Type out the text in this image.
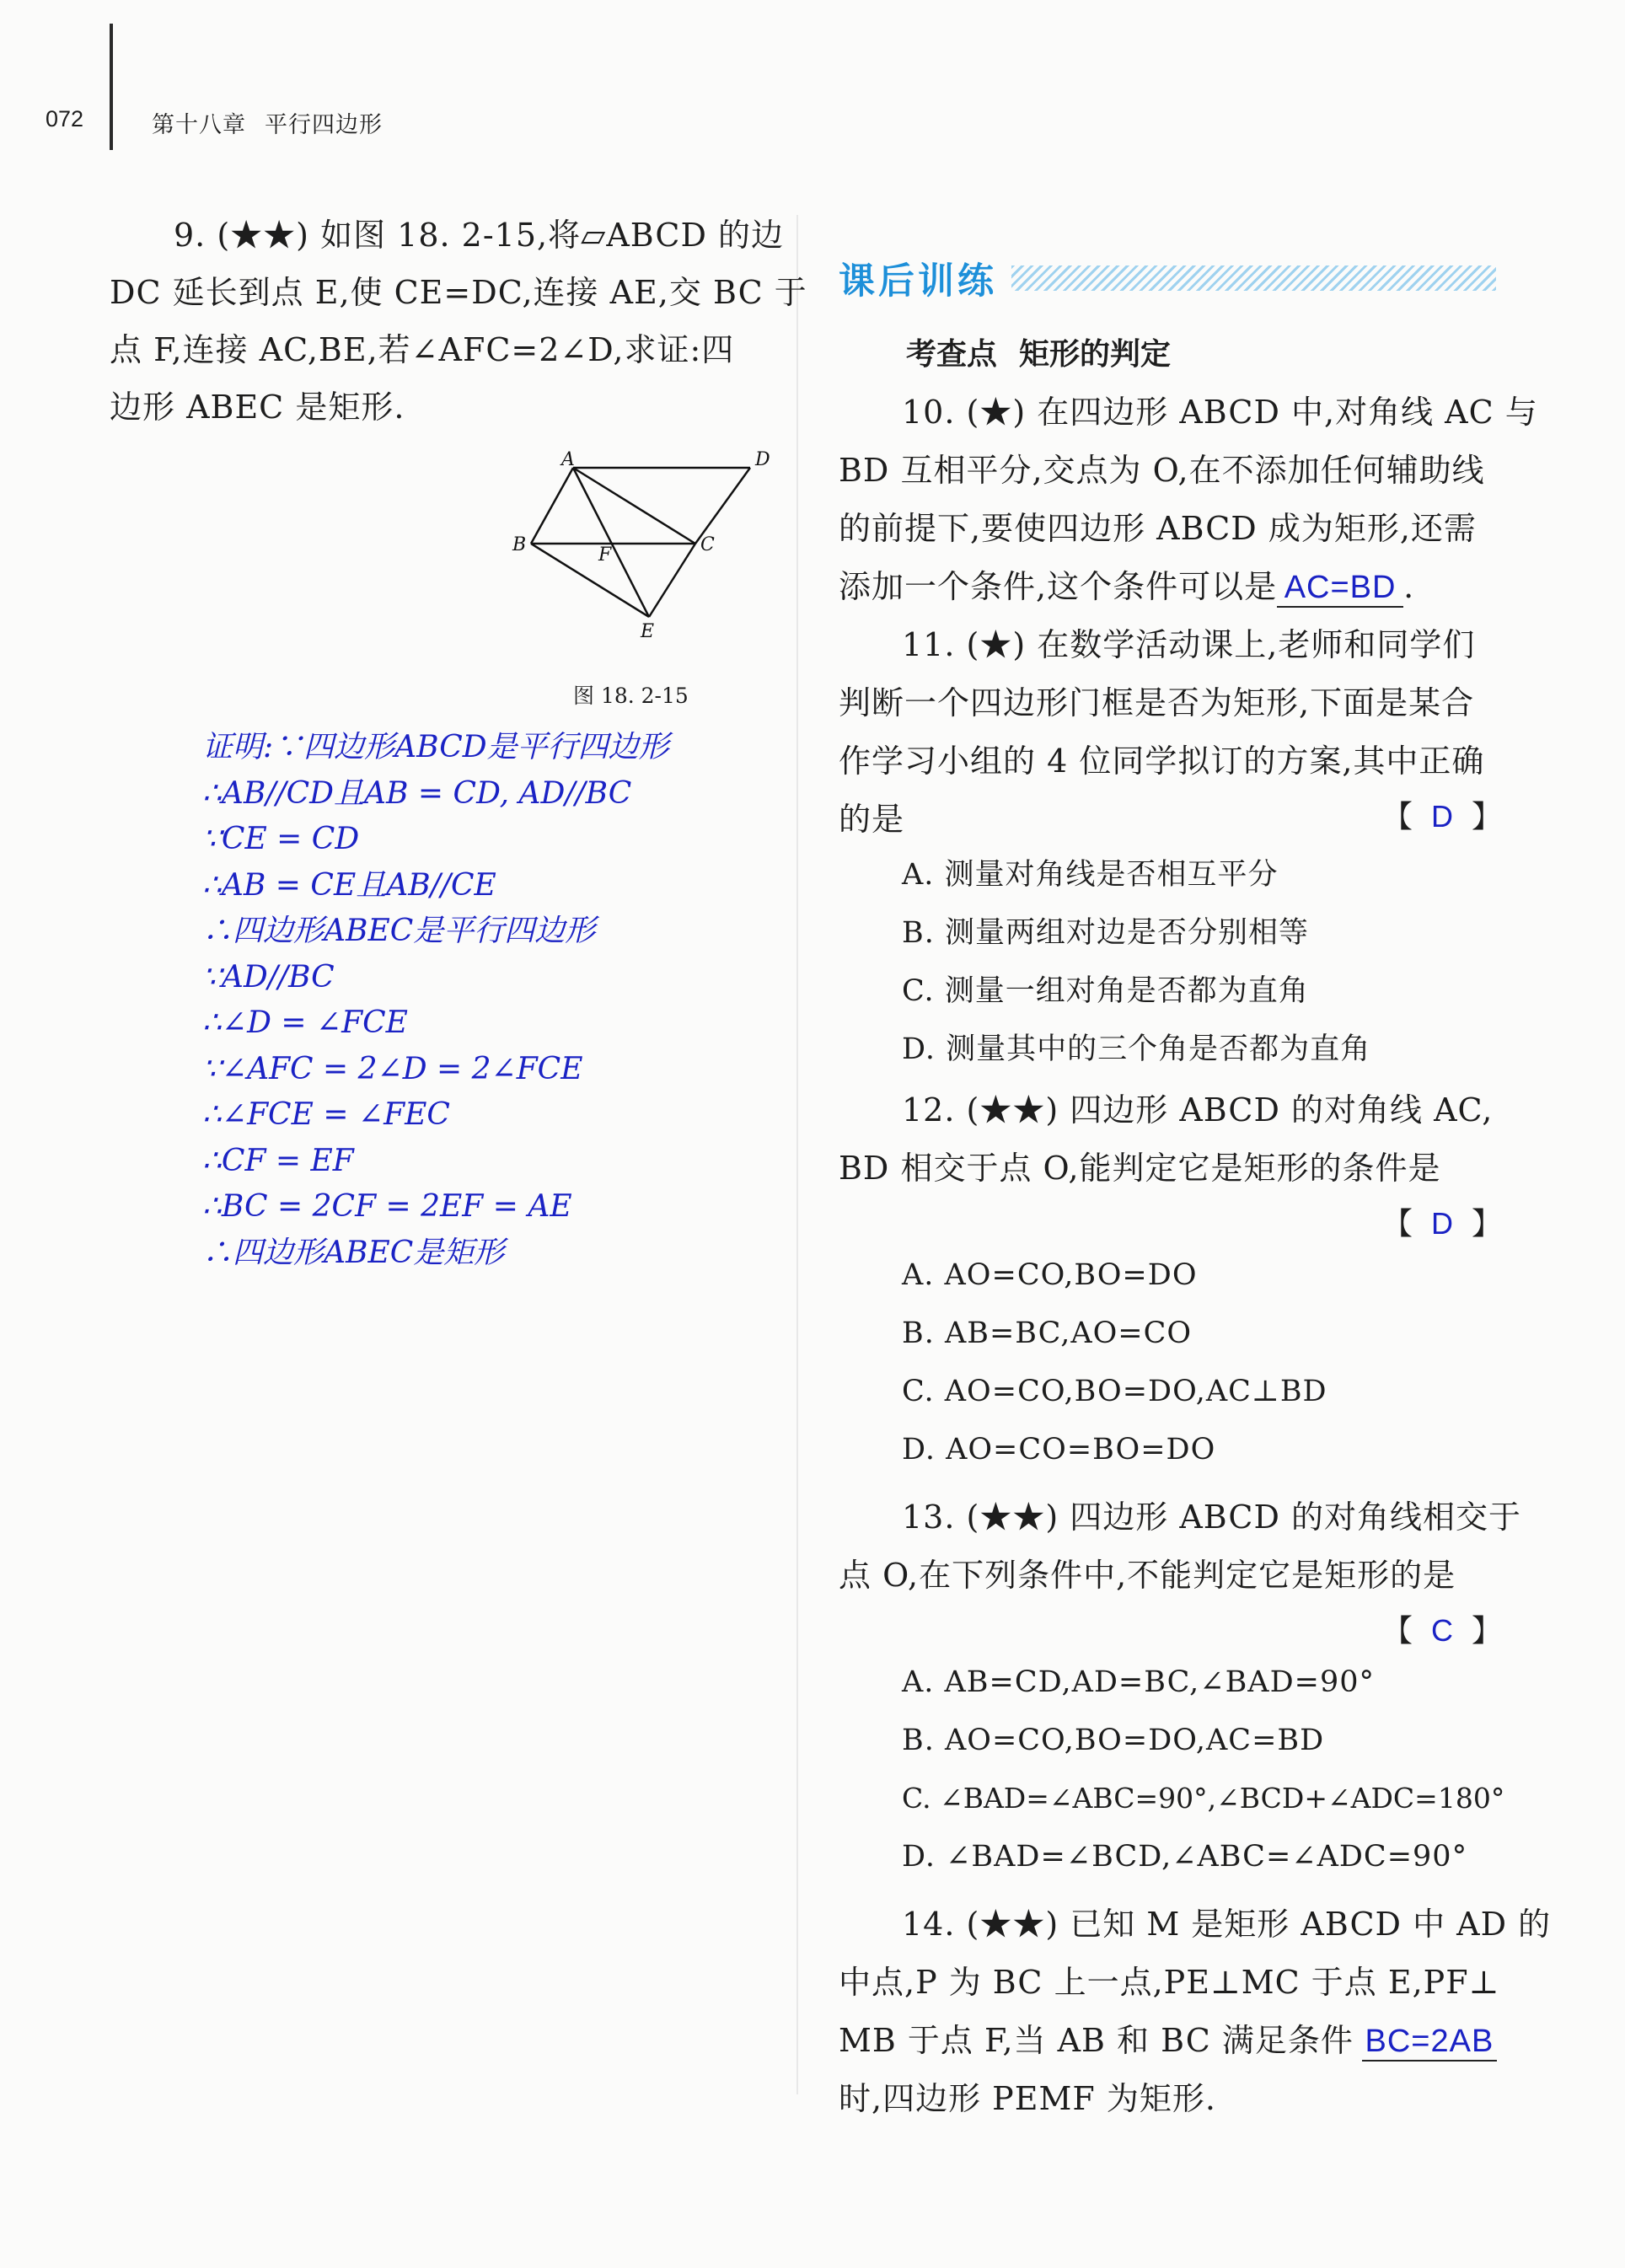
072	第十八章 平行四边形
9. (★★) 如图 18. 2-15,将▱ABCD 的边
DC 延长到点 E,使 CE=DC,连接 AE,交 BC 于
点 F,连接 AC,BE,若∠AFC=2∠D,求证:四
边形 ABEC 是矩形.
A	D
B	F	C
E
图 18. 2-15
证明:∵四边形ABCD是平行四边形
∴AB//CD且AB = CD, AD//BC
∵CE = CD
∴AB = CE且AB//CE
∴四边形ABEC是平行四边形
∵AD//BC
∴∠D = ∠FCE
∵∠AFC = 2∠D = 2∠FCE
∴∠FCE = ∠FEC
∴CF = EF
∴BC = 2CF = 2EF = AE
∴四边形ABEC是矩形
课后训练
考查点 矩形的判定
10. (★) 在四边形 ABCD 中,对角线 AC 与
BD 互相平分,交点为 O,在不添加任何辅助线
的前提下,要使四边形 ABCD 成为矩形,还需
添加一个条件,这个条件可以是 AC=BD .
11. (★) 在数学活动课上,老师和同学们
判断一个四边形门框是否为矩形,下面是某合
作学习小组的 4 位同学拟订的方案,其中正确
的是	【 D 】
A. 测量对角线是否相互平分
B. 测量两组对边是否分别相等
C. 测量一组对角是否都为直角
D. 测量其中的三个角是否都为直角
12. (★★) 四边形 ABCD 的对角线 AC,
BD 相交于点 O,能判定它是矩形的条件是
【 D 】
A. AO=CO,BO=DO
B. AB=BC,AO=CO
C. AO=CO,BO=DO,AC⊥BD
D. AO=CO=BO=DO
13. (★★) 四边形 ABCD 的对角线相交于
点 O,在下列条件中,不能判定它是矩形的是
【 C 】
A. AB=CD,AD=BC,∠BAD=90°
B. AO=CO,BO=DO,AC=BD
C. ∠BAD=∠ABC=90°,∠BCD+∠ADC=180°
D. ∠BAD=∠BCD,∠ABC=∠ADC=90°
14. (★★) 已知 M 是矩形 ABCD 中 AD 的
中点,P 为 BC 上一点,PE⊥MC 于点 E,PF⊥
MB 于点 F,当 AB 和 BC 满足条件 BC=2AB
时,四边形 PEMF 为矩形.
